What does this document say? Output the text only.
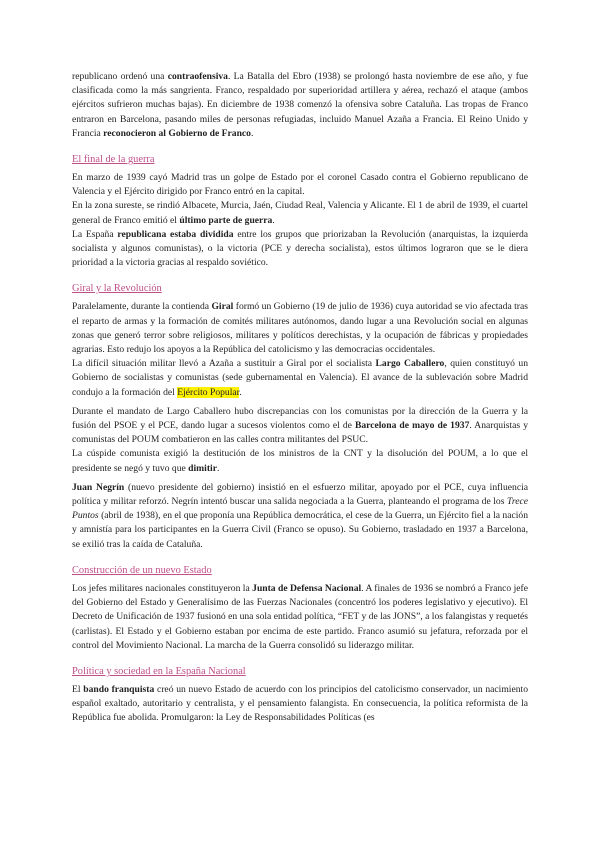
republicano ordenó una contraofensiva. La Batalla del Ebro (1938) se prolongó hasta noviembre de ese año, y fue clasificada como la más sangrienta. Franco, respaldado por superioridad artillera y aérea, rechazó el ataque (ambos ejércitos sufrieron muchas bajas). En diciembre de 1938 comenzó la ofensiva sobre Cataluña. Las tropas de Franco entraron en Barcelona, pasando miles de personas refugiadas, incluido Manuel Azaña a Francia. El Reino Unido y Francia reconocieron al Gobierno de Franco.

El final de la guerra

En marzo de 1939 cayó Madrid tras un golpe de Estado por el coronel Casado contra el Gobierno republicano de Valencia y el Ejército dirigido por Franco entró en la capital.

En la zona sureste, se rindió Albacete, Murcia, Jaén, Ciudad Real, Valencia y Alicante. El 1 de abril de 1939, el cuartel general de Franco emitió el último parte de guerra.

La España republicana estaba dividida entre los grupos que priorizaban la Revolución (anarquistas, la izquierda socialista y algunos comunistas), o la victoria (PCE y derecha socialista), estos últimos lograron que se le diera prioridad a la victoria gracias al respaldo soviético.

Giral y la Revolución

Paralelamente, durante la contienda Giral formó un Gobierno (19 de julio de 1936) cuya autoridad se vio afectada tras el reparto de armas y la formación de comités militares autónomos, dando lugar a una Revolución social en algunas zonas que generó terror sobre religiosos, militares y políticos derechistas, y la ocupación de fábricas y propiedades agrarias. Esto redujo los apoyos a la República del catolicismo y las democracias occidentales.

La difícil situación militar llevó a Azaña a sustituir a Giral por el socialista Largo Caballero, quien constituyó un Gobierno de socialistas y comunistas (sede gubernamental en Valencia). El avance de la sublevación sobre Madrid condujo a la formación del Ejército Popular.

Durante el mandato de Largo Caballero hubo discrepancias con los comunistas por la dirección de la Guerra y la fusión del PSOE y el PCE, dando lugar a sucesos violentos como el de Barcelona de mayo de 1937. Anarquistas y comunistas del POUM combatieron en las calles contra militantes del PSUC.

La cúspide comunista exigió la destitución de los ministros de la CNT y la disolución del POUM, a lo que el presidente se negó y tuvo que dimitir.

Juan Negrín (nuevo presidente del gobierno) insistió en el esfuerzo militar, apoyado por el PCE, cuya influencia política y militar reforzó. Negrín intentó buscar una salida negociada a la Guerra, planteando el programa de los Trece Puntos (abril de 1938), en el que proponía una República democrática, el cese de la Guerra, un Ejército fiel a la nación y amnistía para los participantes en la Guerra Civil (Franco se opuso). Su Gobierno, trasladado en 1937 a Barcelona, se exilió tras la caída de Cataluña.

Construcción de un nuevo Estado

Los jefes militares nacionales constituyeron la Junta de Defensa Nacional. A finales de 1936 se nombró a Franco jefe del Gobierno del Estado y Generalísimo de las Fuerzas Nacionales (concentró los poderes legislativo y ejecutivo). El Decreto de Unificación de 1937 fusionó en una sola entidad política, “FET y de las JONS”, a los falangistas y requetés (carlistas). El Estado y el Gobierno estaban por encima de este partido. Franco asumió su jefatura, reforzada por el control del Movimiento Nacional. La marcha de la Guerra consolidó su liderazgo militar.

Política y sociedad en la España Nacional

El bando franquista creó un nuevo Estado de acuerdo con los principios del catolicismo conservador, un nacimiento español exaltado, autoritario y centralista, y el pensamiento falangista. En consecuencia, la política reformista de la República fue abolida. Promulgaron: la Ley de Responsabilidades Políticas (es
